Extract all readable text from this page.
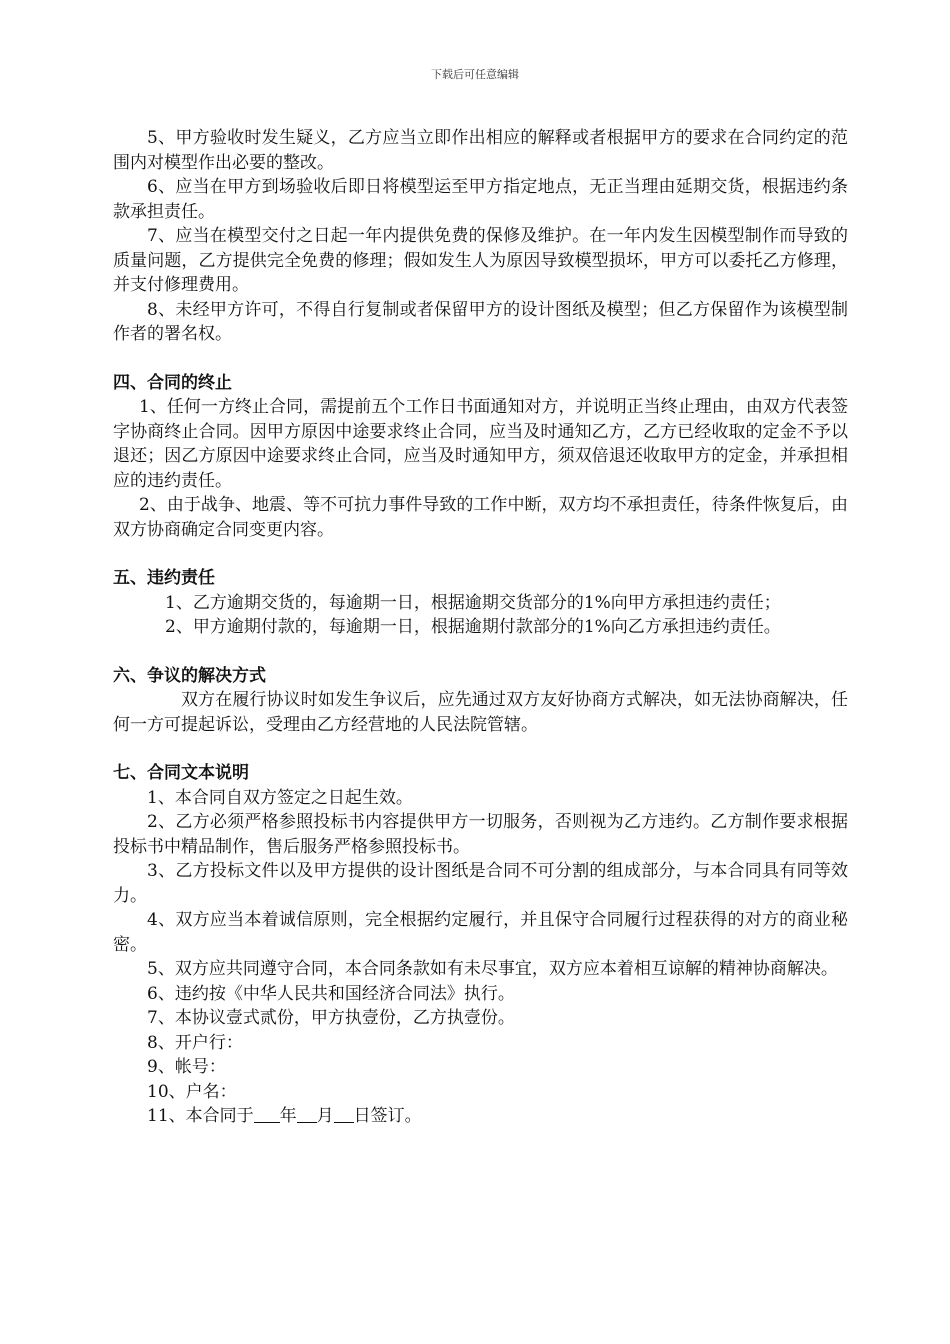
下载后可任意编辑

5、甲方验收时发生疑义，乙方应当立即作出相应的解释或者根据甲方的要求在合同约定的范围内对模型作出必要的整改。

6、应当在甲方到场验收后即日将模型运至甲方指定地点，无正当理由延期交货，根据违约条款承担责任。

7、应当在模型交付之日起一年内提供免费的保修及维护。在一年内发生因模型制作而导致的质量问题，乙方提供完全免费的修理；假如发生人为原因导致模型损坏，甲方可以委托乙方修理，并支付修理费用。

8、未经甲方许可，不得自行复制或者保留甲方的设计图纸及模型；但乙方保留作为该模型制作者的署名权。

四、合同的终止

1、任何一方终止合同，需提前五个工作日书面通知对方，并说明正当终止理由，由双方代表签字协商终止合同。因甲方原因中途要求终止合同，应当及时通知乙方，乙方已经收取的定金不予以退还；因乙方原因中途要求终止合同，应当及时通知甲方，须双倍退还收取甲方的定金，并承担相应的违约责任。

2、由于战争、地震、等不可抗力事件导致的工作中断，双方均不承担责任，待条件恢复后，由双方协商确定合同变更内容。

五、违约责任

1、乙方逾期交货的，每逾期一日，根据逾期交货部分的1%向甲方承担违约责任；

2、甲方逾期付款的，每逾期一日，根据逾期付款部分的1%向乙方承担违约责任。

六、争议的解决方式

双方在履行协议时如发生争议后，应先通过双方友好协商方式解决，如无法协商解决，任何一方可提起诉讼，受理由乙方经营地的人民法院管辖。

七、合同文本说明

1、本合同自双方签定之日起生效。

2、乙方必须严格参照投标书内容提供甲方一切服务，否则视为乙方违约。乙方制作要求根据投标书中精品制作，售后服务严格参照投标书。

3、乙方投标文件以及甲方提供的设计图纸是合同不可分割的组成部分，与本合同具有同等效力。

4、双方应当本着诚信原则，完全根据约定履行，并且保守合同履行过程获得的对方的商业秘密。

5、双方应共同遵守合同，本合同条款如有未尽事宜，双方应本着相互谅解的精神协商解决。

6、违约按《中华人民共和国经济合同法》执行。

7、本协议壹式贰份，甲方执壹份，乙方执壹份。

8、开户行：

9、帐号：

10、户名：

11、本合同于 年 月 日签订。
